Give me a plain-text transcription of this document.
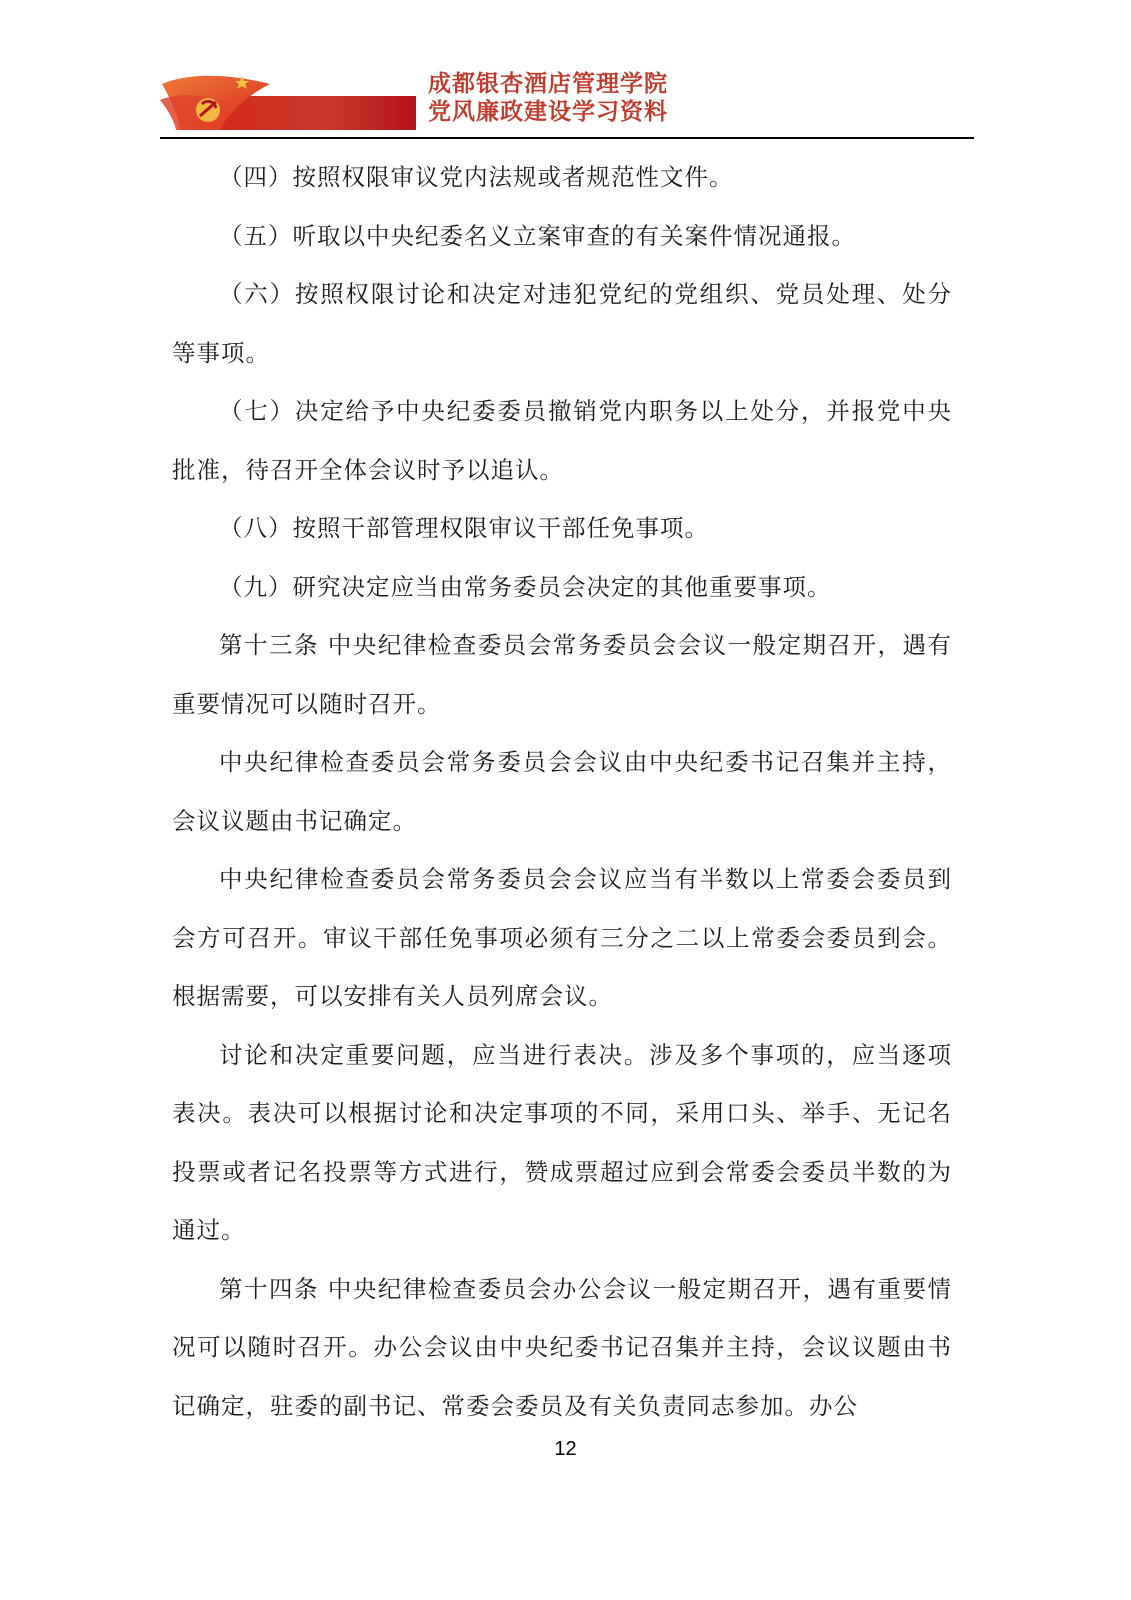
成都银杏酒店管理学院
党风廉政建设学习资料

（四）按照权限审议党内法规或者规范性文件。

（五）听取以中央纪委名义立案审查的有关案件情况通报。

（六）按照权限讨论和决定对违犯党纪的党组织、党员处理、处分等事项。

（七）决定给予中央纪委委员撤销党内职务以上处分，并报党中央批准，待召开全体会议时予以追认。

（八）按照干部管理权限审议干部任免事项。

（九）研究决定应当由常务委员会决定的其他重要事项。

第十三条 中央纪律检查委员会常务委员会会议一般定期召开，遇有重要情况可以随时召开。

中央纪律检查委员会常务委员会会议由中央纪委书记召集并主持，会议议题由书记确定。

中央纪律检查委员会常务委员会会议应当有半数以上常委会委员到会方可召开。审议干部任免事项必须有三分之二以上常委会委员到会。根据需要，可以安排有关人员列席会议。

讨论和决定重要问题，应当进行表决。涉及多个事项的，应当逐项表决。表决可以根据讨论和决定事项的不同，采用口头、举手、无记名投票或者记名投票等方式进行，赞成票超过应到会常委会委员半数的为通过。

第十四条 中央纪律检查委员会办公会议一般定期召开，遇有重要情况可以随时召开。办公会议由中央纪委书记召集并主持，会议议题由书记确定，驻委的副书记、常委会委员及有关负责同志参加。办公

12
